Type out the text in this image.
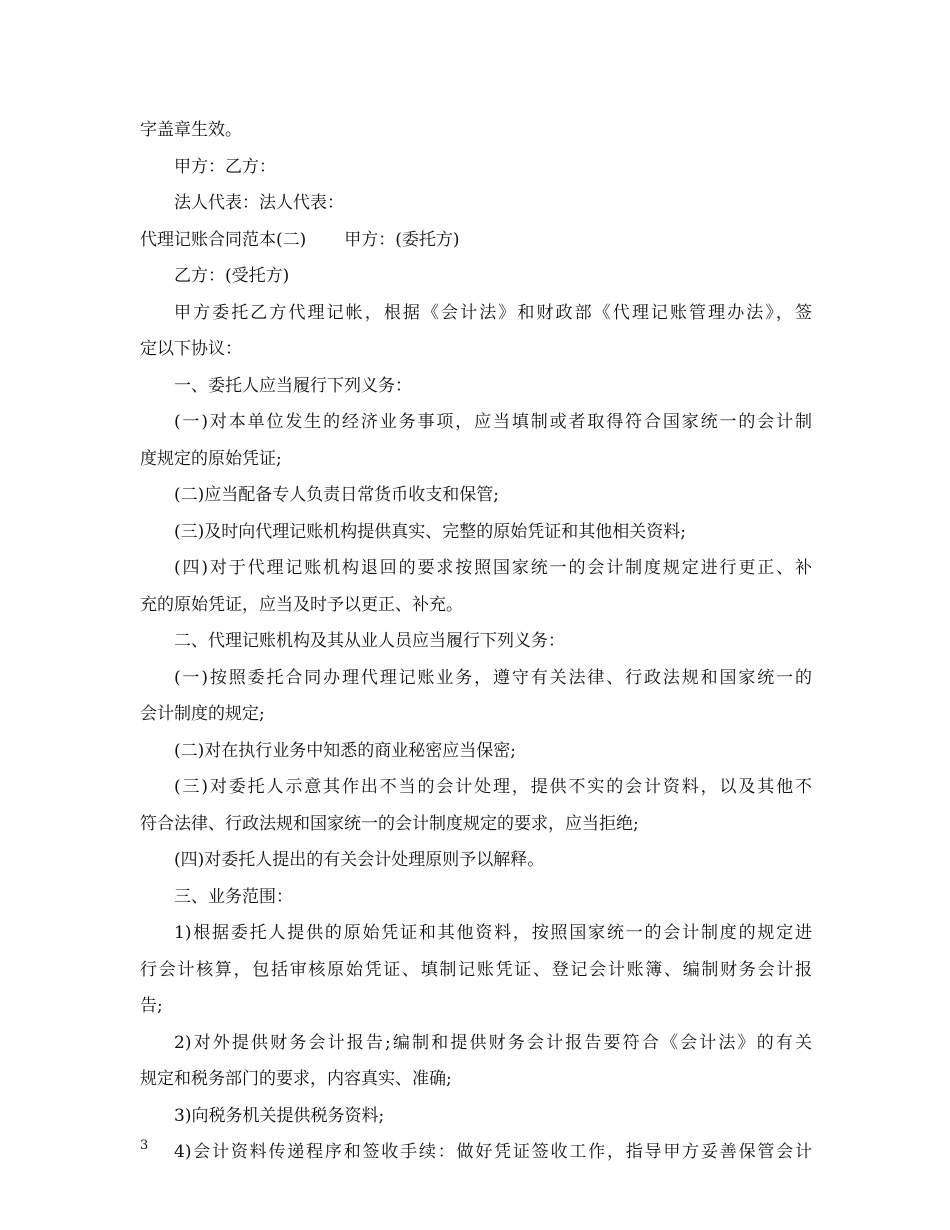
字盖章生效。
甲方：乙方：
法人代表：法人代表：
代理记账合同范本(二) 甲方：(委托方)
乙方：(受托方)
甲方委托乙方代理记帐，根据《会计法》和财政部《代理记账管理办法》，签
定以下协议：
一、委托人应当履行下列义务：
(一)对本单位发生的经济业务事项，应当填制或者取得符合国家统一的会计制
度规定的原始凭证;
(二)应当配备专人负责日常货币收支和保管;
(三)及时向代理记账机构提供真实、完整的原始凭证和其他相关资料;
(四)对于代理记账机构退回的要求按照国家统一的会计制度规定进行更正、补
充的原始凭证，应当及时予以更正、补充。
二、代理记账机构及其从业人员应当履行下列义务：
(一)按照委托合同办理代理记账业务，遵守有关法律、行政法规和国家统一的
会计制度的规定;
(二)对在执行业务中知悉的商业秘密应当保密;
(三)对委托人示意其作出不当的会计处理，提供不实的会计资料，以及其他不
符合法律、行政法规和国家统一的会计制度规定的要求，应当拒绝;
(四)对委托人提出的有关会计处理原则予以解释。
三、业务范围：
1)根据委托人提供的原始凭证和其他资料，按照国家统一的会计制度的规定进
行会计核算，包括审核原始凭证、填制记账凭证、登记会计账簿、编制财务会计报
告;
2)对外提供财务会计报告;编制和提供财务会计报告要符合《会计法》的有关
规定和税务部门的要求，内容真实、准确;
3)向税务机关提供税务资料;
4)会计资料传递程序和签收手续：做好凭证签收工作，指导甲方妥善保管会计
3
